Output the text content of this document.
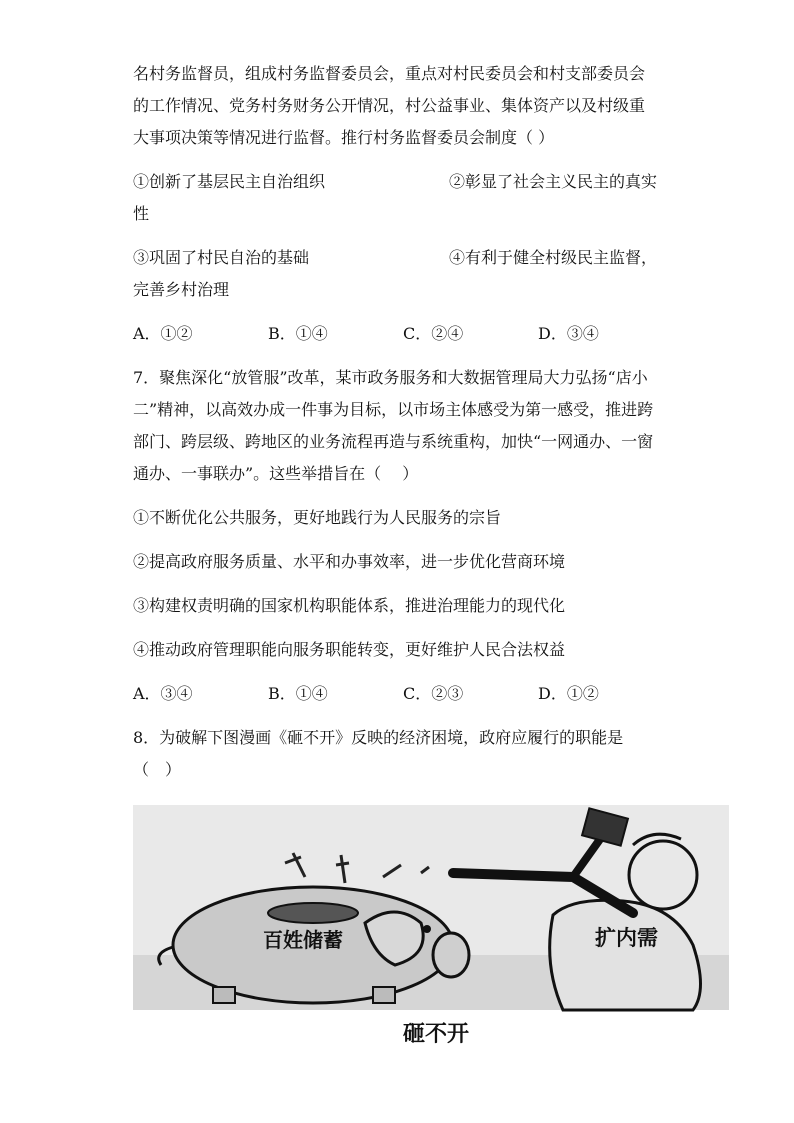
名村务监督员，组成村务监督委员会，重点对村民委员会和村支部委员会

的工作情况、党务村务财务公开情况，村公益事业、集体资产以及村级重

大事项决策等情况进行监督。推行村务监督委员会制度（ ）

①创新了基层民主自治组织	②彰显了社会主义民主的真实

性

③巩固了村民自治的基础	④有利于健全村级民主监督，

完善乡村治理

A．①②	B．①④	C．②④	D．③④

7．聚焦深化“放管服”改革，某市政务服务和大数据管理局大力弘扬“店小

二”精神，以高效办成一件事为目标，以市场主体感受为第一感受，推进跨

部门、跨层级、跨地区的业务流程再造与系统重构，加快“一网通办、一窗

通办、一事联办”。这些举措旨在（　 ）

①不断优化公共服务，更好地践行为人民服务的宗旨

②提高政府服务质量、水平和办事效率，进一步优化营商环境

③构建权责明确的国家机构职能体系，推进治理能力的现代化

④推动政府管理职能向服务职能转变，更好维护人民合法权益

A．③④	B．①④	C．②③	D．①②

8．为破解下图漫画《砸不开》反映的经济困境，政府应履行的职能是

（　）

百姓储蓄	扩内需
砸不开
